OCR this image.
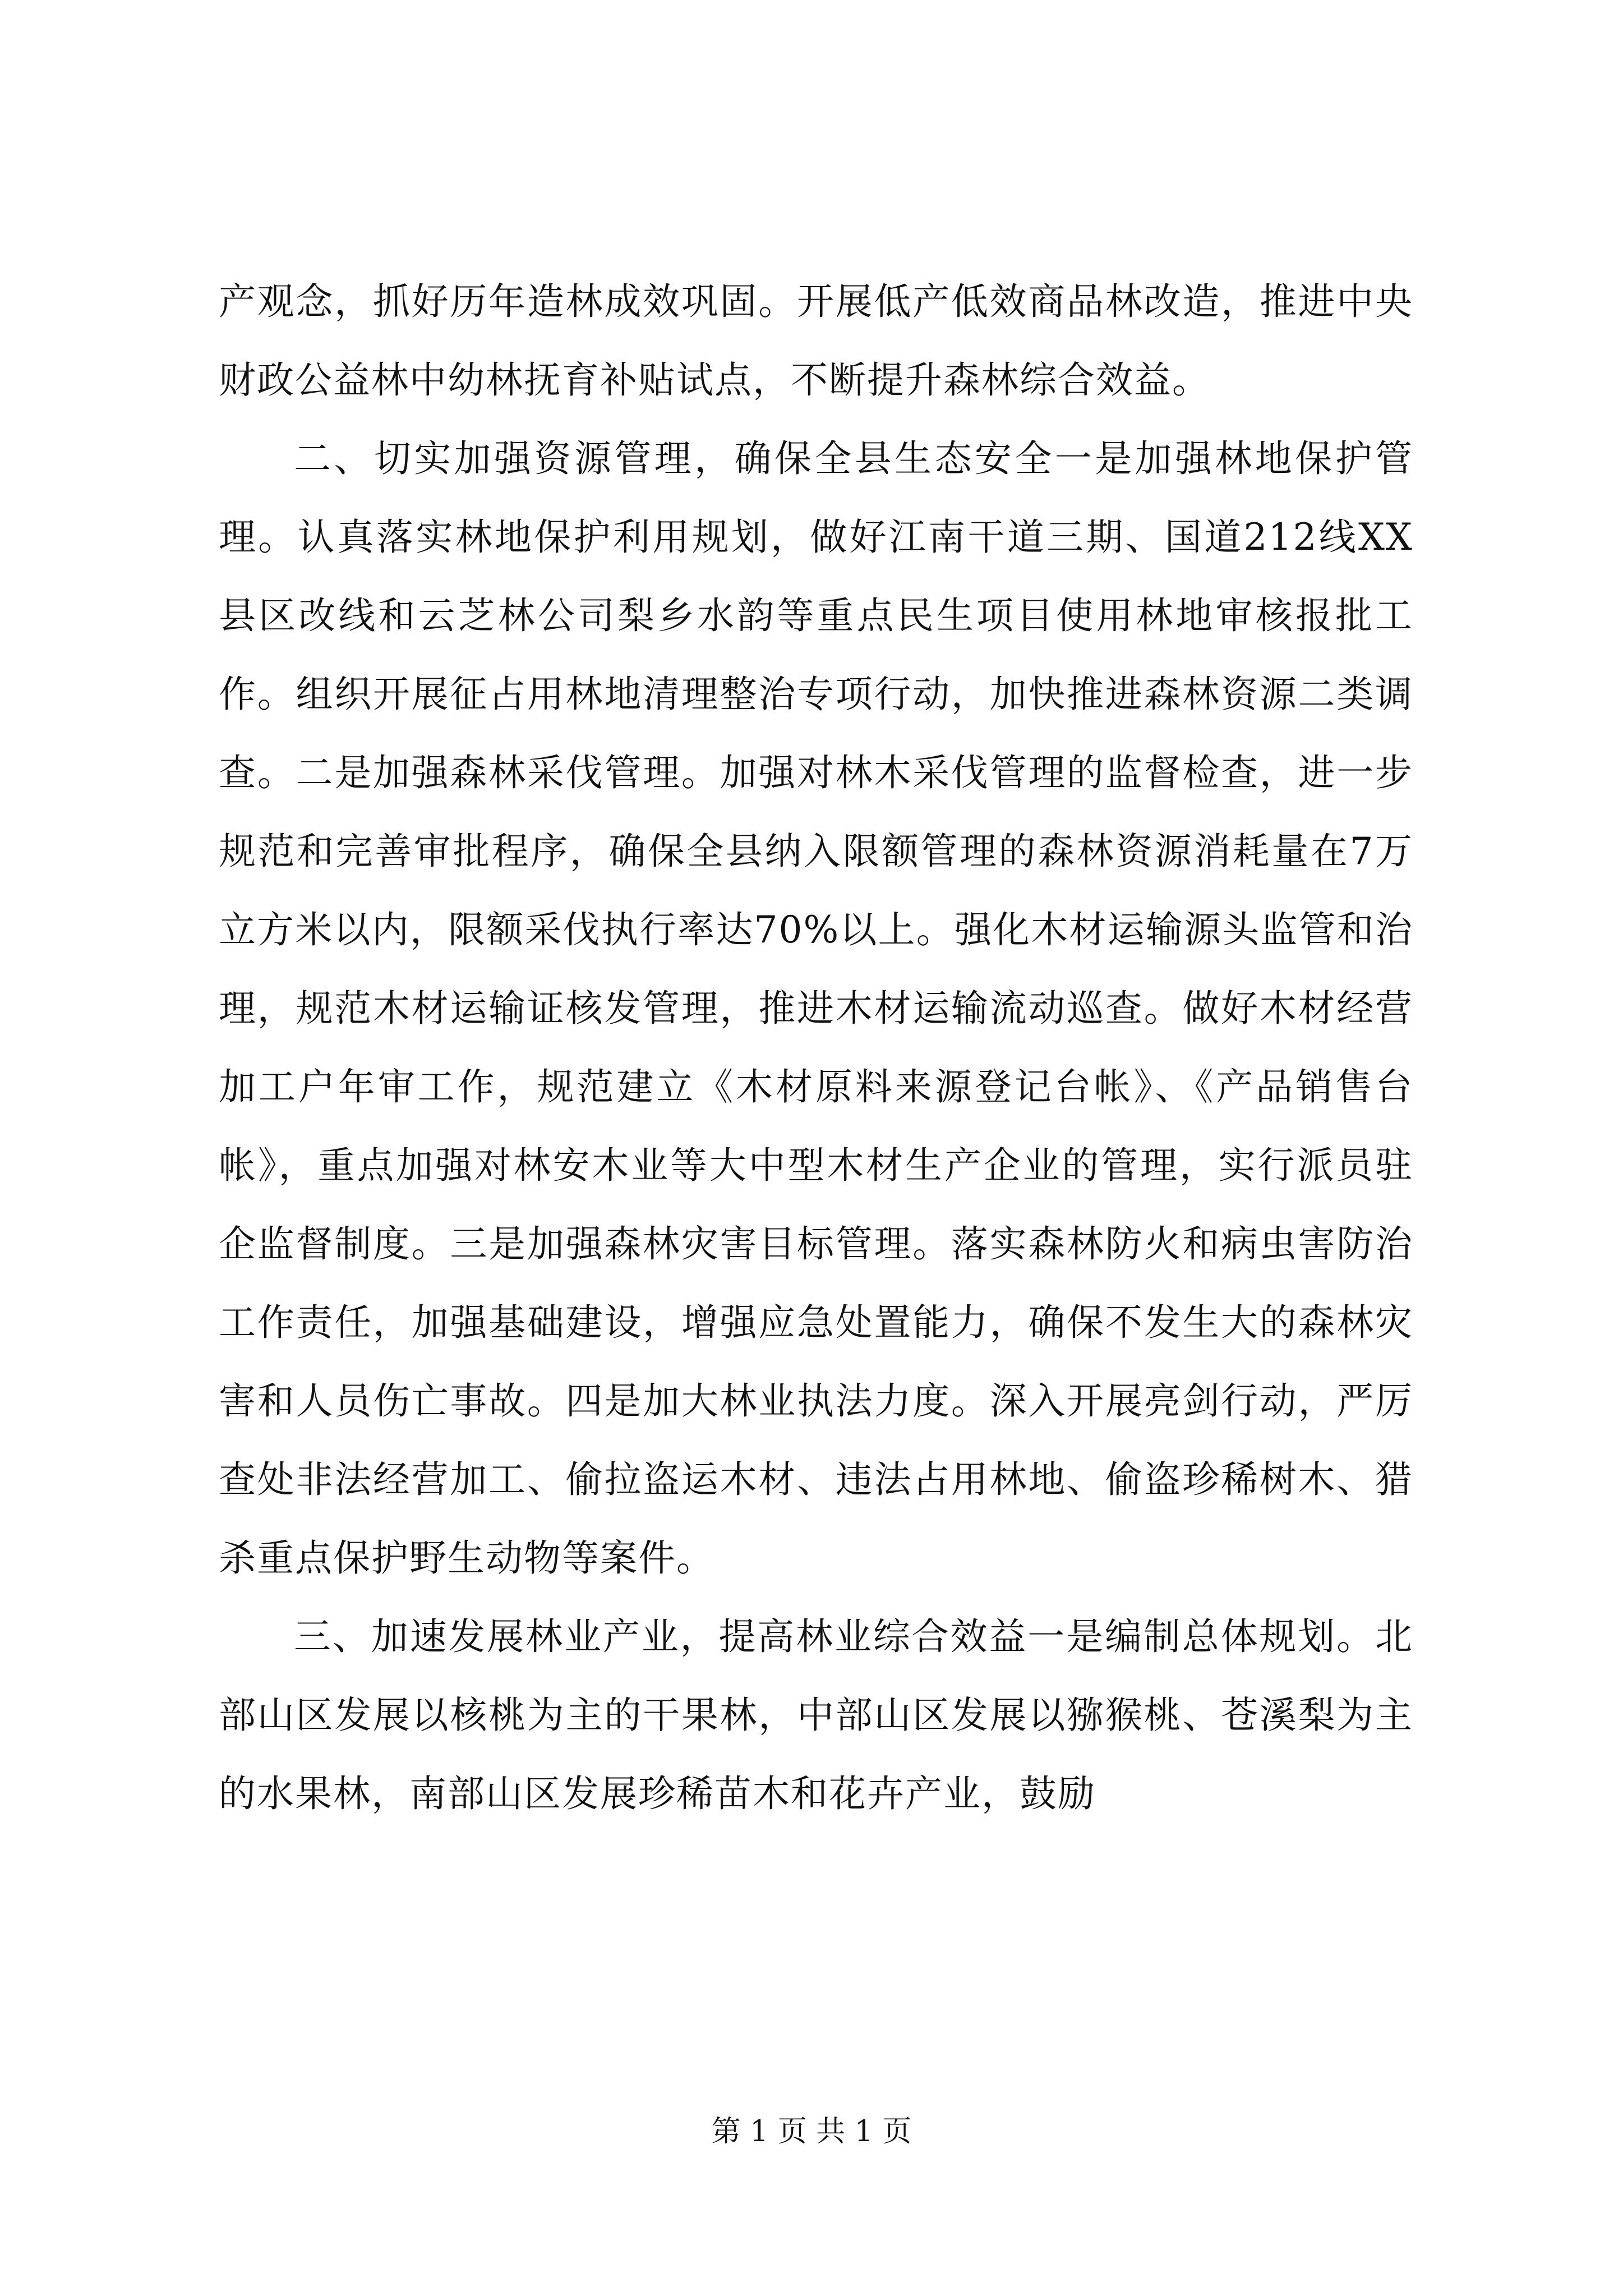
产观念，抓好历年造林成效巩固。开展低产低效商品林改造，推进中央财政公益林中幼林抚育补贴试点，不断提升森林综合效益。

二、切实加强资源管理，确保全县生态安全一是加强林地保护管理。认真落实林地保护利用规划，做好江南干道三期、国道212线XX县区改线和云芝林公司梨乡水韵等重点民生项目使用林地审核报批工作。组织开展征占用林地清理整治专项行动，加快推进森林资源二类调查。二是加强森林采伐管理。加强对林木采伐管理的监督检查，进一步规范和完善审批程序，确保全县纳入限额管理的森林资源消耗量在7万立方米以内，限额采伐执行率达70%以上。强化木材运输源头监管和治理，规范木材运输证核发管理，推进木材运输流动巡查。做好木材经营加工户年审工作，规范建立《木材原料来源登记台帐》、《产品销售台帐》，重点加强对林安木业等大中型木材生产企业的管理，实行派员驻企监督制度。三是加强森林灾害目标管理。落实森林防火和病虫害防治工作责任，加强基础建设，增强应急处置能力，确保不发生大的森林灾害和人员伤亡事故。四是加大林业执法力度。深入开展亮剑行动，严厉查处非法经营加工、偷拉盗运木材、违法占用林地、偷盗珍稀树木、猎杀重点保护野生动物等案件。

三、加速发展林业产业，提高林业综合效益一是编制总体规划。北部山区发展以核桃为主的干果林，中部山区发展以猕猴桃、苍溪梨为主的水果林，南部山区发展珍稀苗木和花卉产业，鼓励

第 1 页 共 1 页
